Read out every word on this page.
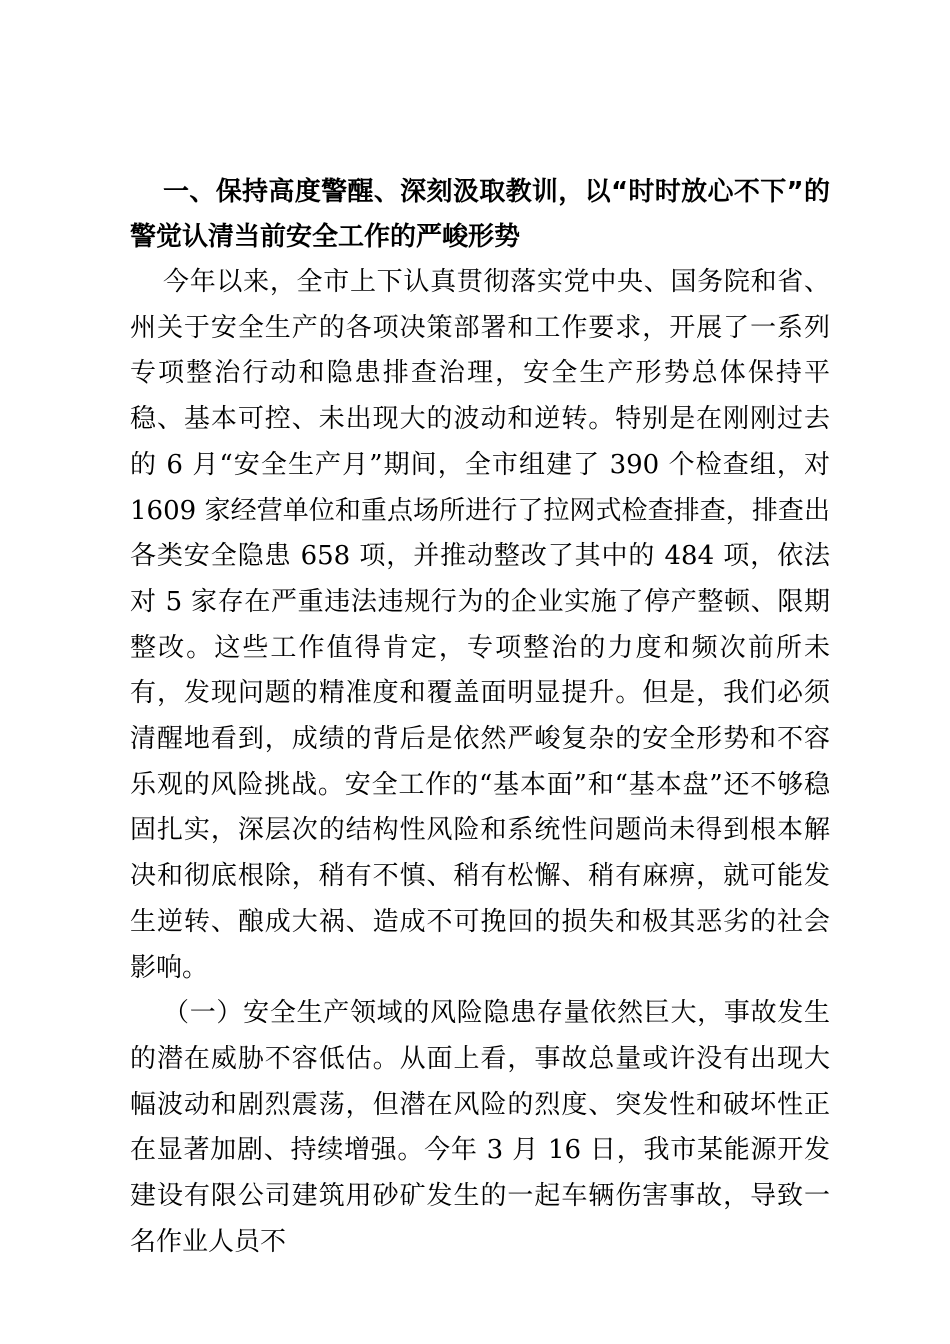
一、保持高度警醒、深刻汲取教训，以“时时放心不下”的警觉认清当前安全工作的严峻形势

今年以来，全市上下认真贯彻落实党中央、国务院和省、州关于安全生产的各项决策部署和工作要求，开展了一系列专项整治行动和隐患排查治理，安全生产形势总体保持平稳、基本可控、未出现大的波动和逆转。特别是在刚刚过去的 6 月“安全生产月”期间，全市组建了 390 个检查组，对 1609 家经营单位和重点场所进行了拉网式检查排查，排查出各类安全隐患 658 项，并推动整改了其中的 484 项，依法对 5 家存在严重违法违规行为的企业实施了停产整顿、限期整改。这些工作值得肯定，专项整治的力度和频次前所未有，发现问题的精准度和覆盖面明显提升。但是，我们必须清醒地看到，成绩的背后是依然严峻复杂的安全形势和不容乐观的风险挑战。安全工作的“基本面”和“基本盘”还不够稳固扎实，深层次的结构性风险和系统性问题尚未得到根本解决和彻底根除，稍有不慎、稍有松懈、稍有麻痹，就可能发生逆转、酿成大祸、造成不可挽回的损失和极其恶劣的社会影响。

（一）安全生产领域的风险隐患存量依然巨大，事故发生的潜在威胁不容低估。从面上看，事故总量或许没有出现大幅波动和剧烈震荡，但潜在风险的烈度、突发性和破坏性正在显著加剧、持续增强。今年 3 月 16 日，我市某能源开发建设有限公司建筑用砂矿发生的一起车辆伤害事故，导致一名作业人员不
